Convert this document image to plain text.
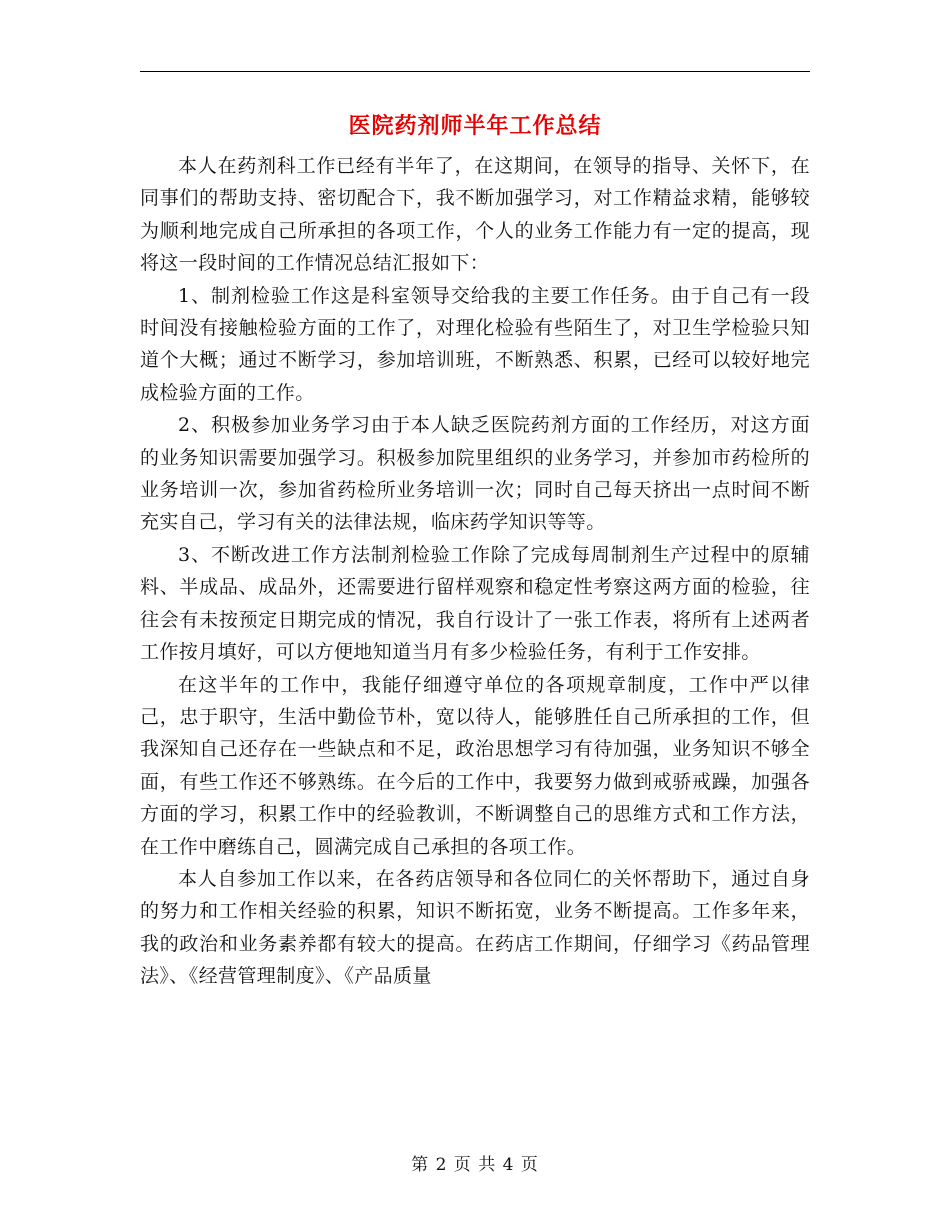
医院药剂师半年工作总结

本人在药剂科工作已经有半年了，在这期间，在领导的指导、关怀下，在同事们的帮助支持、密切配合下，我不断加强学习，对工作精益求精，能够较为顺利地完成自己所承担的各项工作，个人的业务工作能力有一定的提高，现将这一段时间的工作情况总结汇报如下：

1、制剂检验工作这是科室领导交给我的主要工作任务。由于自己有一段时间没有接触检验方面的工作了，对理化检验有些陌生了，对卫生学检验只知道个大概；通过不断学习，参加培训班，不断熟悉、积累，已经可以较好地完成检验方面的工作。

2、积极参加业务学习由于本人缺乏医院药剂方面的工作经历，对这方面的业务知识需要加强学习。积极参加院里组织的业务学习，并参加市药检所的业务培训一次，参加省药检所业务培训一次；同时自己每天挤出一点时间不断充实自己，学习有关的法律法规，临床药学知识等等。

3、不断改进工作方法制剂检验工作除了完成每周制剂生产过程中的原辅料、半成品、成品外，还需要进行留样观察和稳定性考察这两方面的检验，往往会有未按预定日期完成的情况，我自行设计了一张工作表，将所有上述两者工作按月填好，可以方便地知道当月有多少检验任务，有利于工作安排。

在这半年的工作中，我能仔细遵守单位的各项规章制度，工作中严以律己，忠于职守，生活中勤俭节朴，宽以待人，能够胜任自己所承担的工作，但我深知自己还存在一些缺点和不足，政治思想学习有待加强，业务知识不够全面，有些工作还不够熟练。在今后的工作中，我要努力做到戒骄戒躁，加强各方面的学习，积累工作中的经验教训，不断调整自己的思维方式和工作方法，在工作中磨练自己，圆满完成自己承担的各项工作。

本人自参加工作以来，在各药店领导和各位同仁的关怀帮助下，通过自身的努力和工作相关经验的积累，知识不断拓宽，业务不断提高。工作多年来，我的政治和业务素养都有较大的提高。在药店工作期间，仔细学习《药品管理法》、《经营管理制度》、《产品质量

第 2 页 共 4 页
